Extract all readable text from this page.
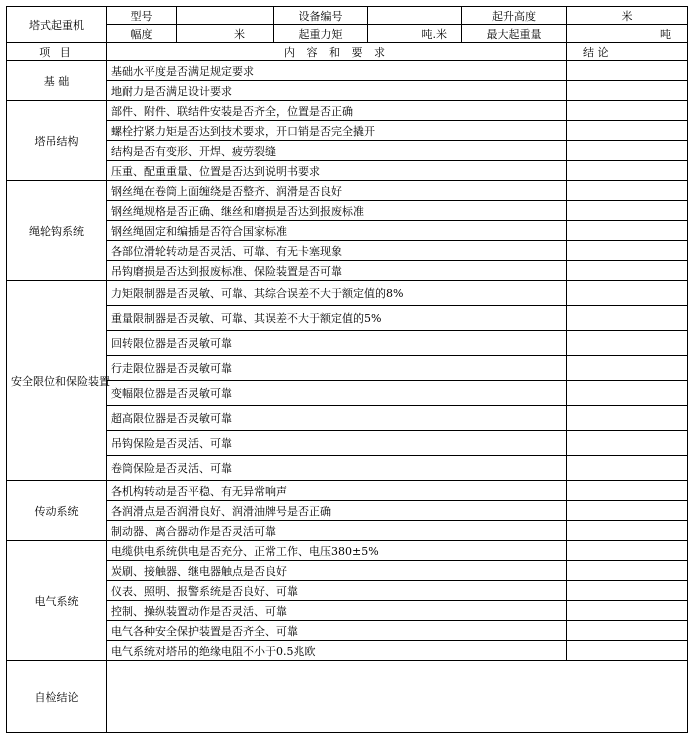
塔式起重机	型号		设备编号		起升高度	米
	幅度	米	起重力矩	吨.米	最大起重量	吨
项 目	内 容 和 要 求					结 论
基 础	基础水平度是否满足规定要求					
	地耐力是否满足设计要求					
塔吊结构	部件、附件、联结件安装是否齐全，位置是否正确					
	螺栓拧紧力矩是否达到技术要求，开口销是否完全撬开					
	结构是否有变形、开焊、疲劳裂缝					
	压重、配重重量、位置是否达到说明书要求					
绳轮钩系统	钢丝绳在卷筒上面缠绕是否整齐、润滑是否良好					
	钢丝绳规格是否正确、继丝和磨损是否达到报废标准					
	钢丝绳固定和编插是否符合国家标准					
	各部位滑轮转动是否灵活、可靠、有无卡塞现象					
	吊钩磨损是否达到报废标准、保险装置是否可靠					
安全限位和保险装置	力矩限制器是否灵敏、可靠、其综合误差不大于额定值的8%					
	重量限制器是否灵敏、可靠、其误差不大于额定值的5%					
	回转限位器是否灵敏可靠					
	行走限位器是否灵敏可靠					
	变幅限位器是否灵敏可靠					
	超高限位器是否灵敏可靠					
	吊钩保险是否灵活、可靠					
	卷筒保险是否灵活、可靠					
传动系统	各机构转动是否平稳、有无异常响声					
	各润滑点是否润滑良好、润滑油牌号是否正确					
	制动器、离合器动作是否灵活可靠					
电气系统	电缆供电系统供电是否充分、正常工作、电压380±5%					
	炭刷、接触器、继电器触点是否良好					
	仪表、照明、报警系统是否良好、可靠					
	控制、操纵装置动作是否灵活、可靠					
	电气各种安全保护装置是否齐全、可靠					
	电气系统对塔吊的绝缘电阻不小于0.5兆欧					
自检结论						
